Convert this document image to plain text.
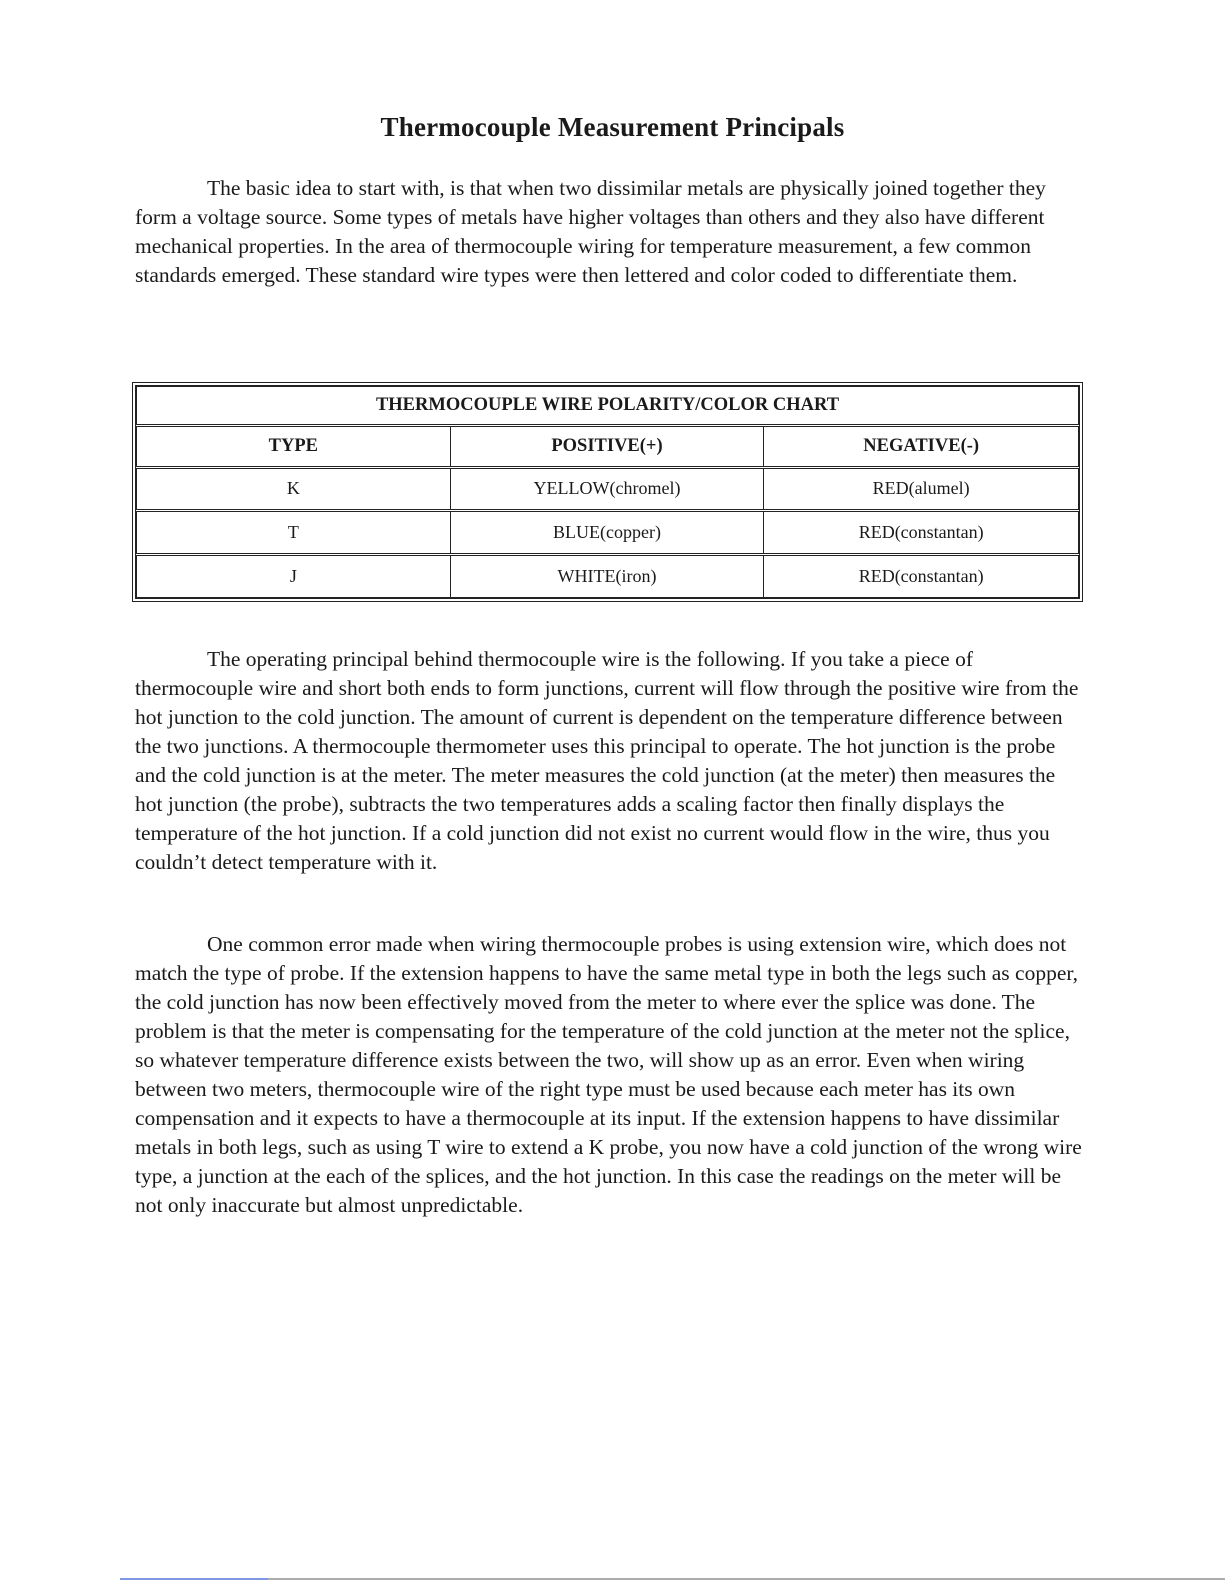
Thermocouple Measurement Principals
The basic idea to start with, is that when two dissimilar metals are physically joined together they form a voltage source. Some types of metals have higher voltages than others and they also have different mechanical properties. In the area of thermocouple wiring for temperature measurement, a few common standards emerged. These standard wire types were then lettered and color coded to differentiate them.
THERMOCOUPLE WIRE POLARITY/COLOR CHART		
TYPE	POSITIVE(+)	NEGATIVE(-)
K	YELLOW(chromel)	RED(alumel)
T	BLUE(copper)	RED(constantan)
J	WHITE(iron)	RED(constantan)
The operating principal behind thermocouple wire is the following. If you take a piece of thermocouple wire and short both ends to form junctions, current will flow through the positive wire from the hot junction to the cold junction. The amount of current is dependent on the temperature difference between the two junctions. A thermocouple thermometer uses this principal to operate. The hot junction is the probe and the cold junction is at the meter. The meter measures the cold junction (at the meter) then measures the hot junction (the probe), subtracts the two temperatures adds a scaling factor then finally displays the temperature of the hot junction. If a cold junction did not exist no current would flow in the wire, thus you couldn’t detect temperature with it.
One common error made when wiring thermocouple probes is using extension wire, which does not match the type of probe. If the extension happens to have the same metal type in both the legs such as copper, the cold junction has now been effectively moved from the meter to where ever the splice was done. The problem is that the meter is compensating for the temperature of the cold junction at the meter not the splice, so whatever temperature difference exists between the two, will show up as an error. Even when wiring between two meters, thermocouple wire of the right type must be used because each meter has its own compensation and it expects to have a thermocouple at its input. If the extension happens to have dissimilar metals in both legs, such as using T wire to extend a K probe, you now have a cold junction of the wrong wire type, a junction at the each of the splices, and the hot junction. In this case the readings on the meter will be not only inaccurate but almost unpredictable.
